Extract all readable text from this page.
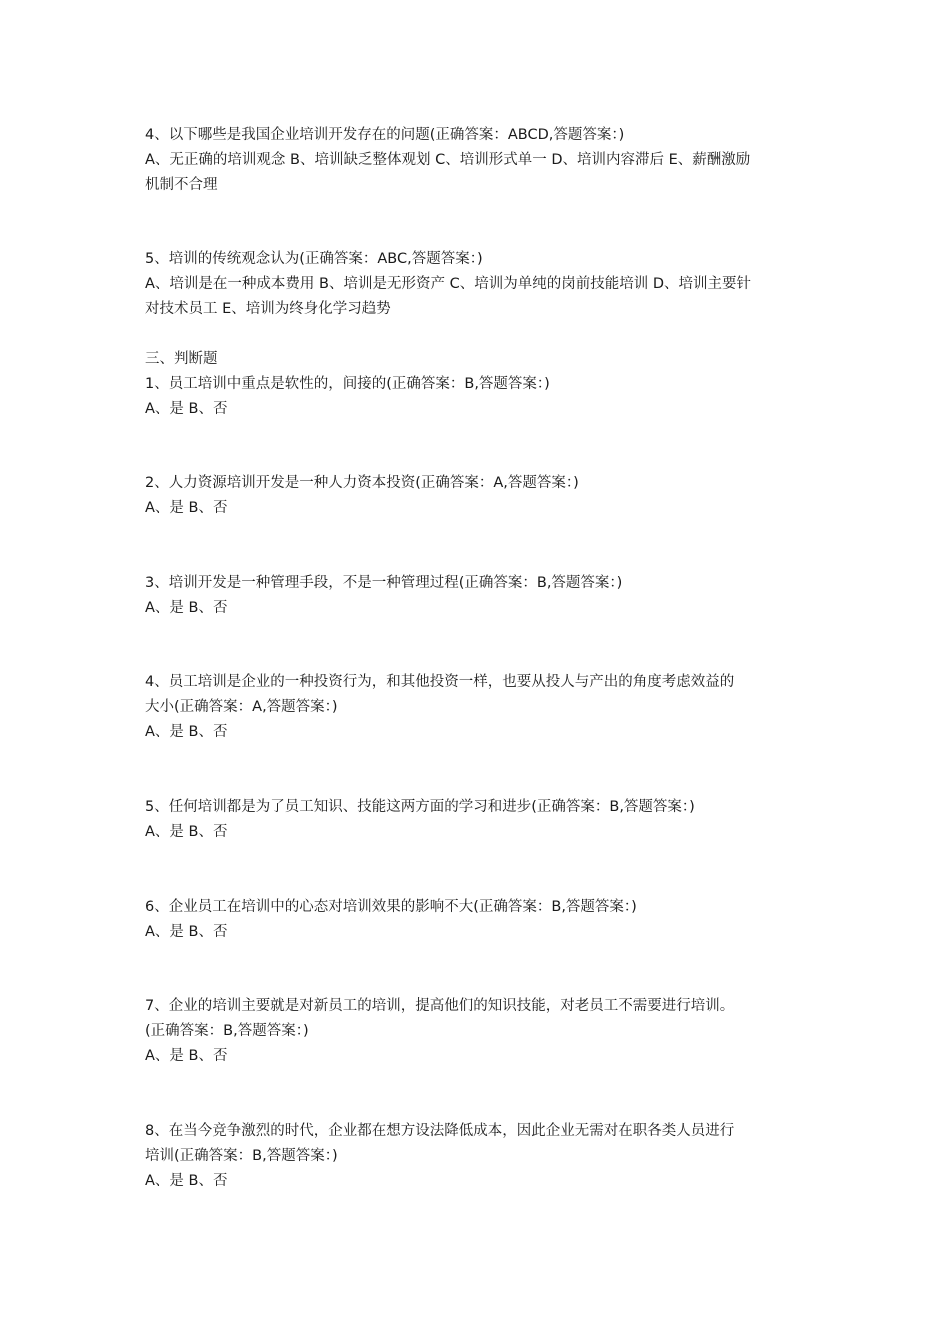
4、以下哪些是我国企业培训开发存在的问题(正确答案：ABCD,答题答案：)
A、无正确的培训观念 B、培训缺乏整体观划 C、培训形式单一 D、培训内容滞后 E、薪酬激励
机制不合理
5、培训的传统观念认为(正确答案：ABC,答题答案：)
A、培训是在一种成本费用 B、培训是无形资产 C、培训为单纯的岗前技能培训 D、培训主要针
对技术员工 E、培训为终身化学习趋势
三、判断题
1、员工培训中重点是软性的，间接的(正确答案：B,答题答案：)
A、是 B、否
2、人力资源培训开发是一种人力资本投资(正确答案：A,答题答案：)
A、是 B、否
3、培训开发是一种管理手段，不是一种管理过程(正确答案：B,答题答案：)
A、是 B、否
4、员工培训是企业的一种投资行为，和其他投资一样，也要从投人与产出的角度考虑效益的
大小(正确答案：A,答题答案：)
A、是 B、否
5、任何培训都是为了员工知识、技能这两方面的学习和进步(正确答案：B,答题答案：)
A、是 B、否
6、企业员工在培训中的心态对培训效果的影响不大(正确答案：B,答题答案：)
A、是 B、否
7、企业的培训主要就是对新员工的培训，提高他们的知识技能，对老员工不需要进行培训。
(正确答案：B,答题答案：)
A、是 B、否
8、在当今竞争激烈的时代，企业都在想方设法降低成本，因此企业无需对在职各类人员进行
培训(正确答案：B,答题答案：)
A、是 B、否
